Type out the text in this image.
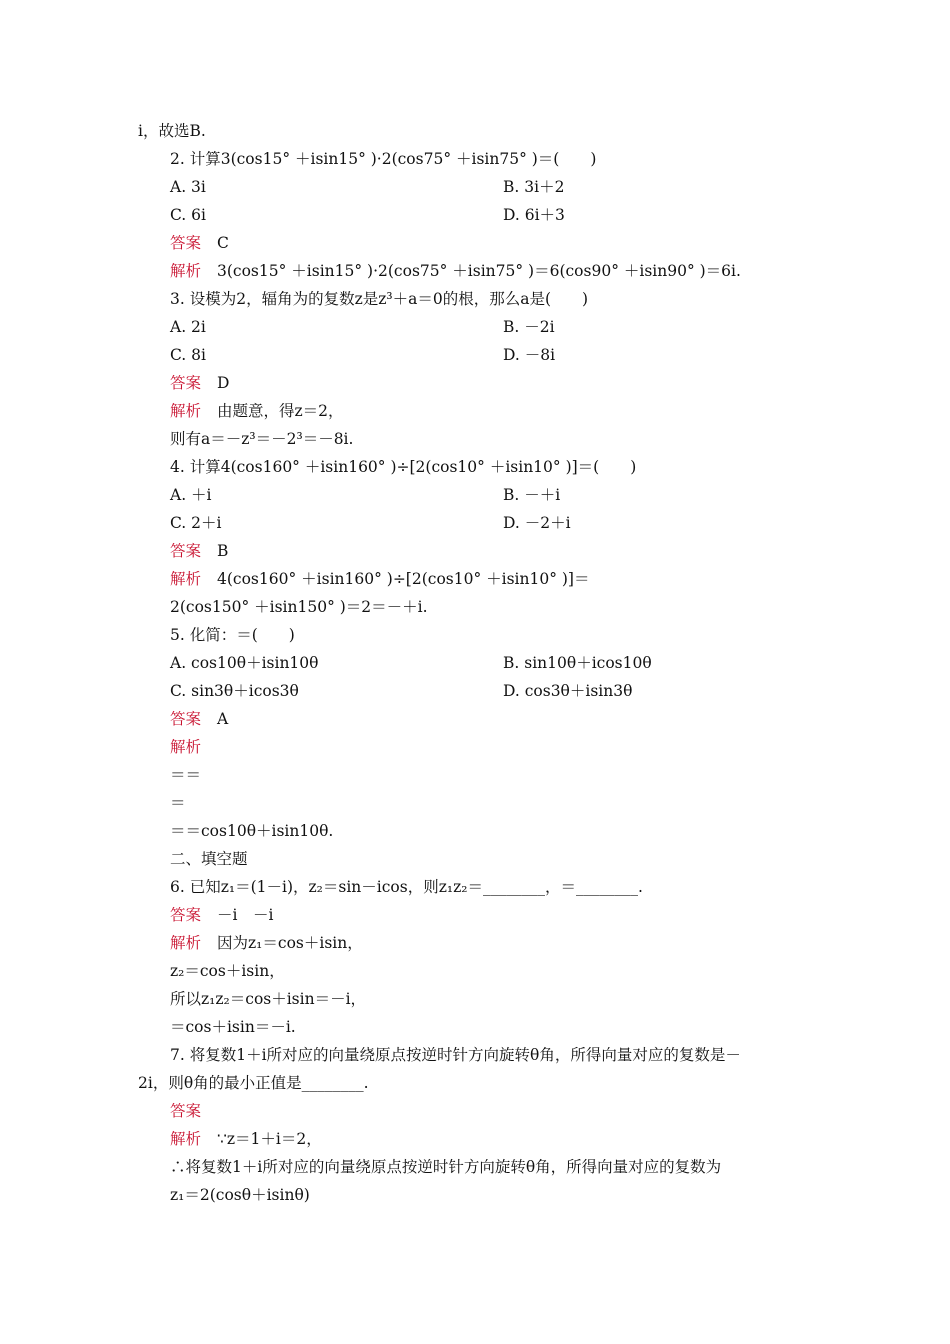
i，故选B.
2. 计算3(cos15° ＋isin15° )·2(cos75° ＋isin75° )＝(　　)
A. 3i	B. 3i＋2
C. 6i	D. 6i＋3
答案 C
解析 3(cos15° ＋isin15° )·2(cos75° ＋isin75° )＝6(cos90° ＋isin90° )＝6i.
3. 设模为2，辐角为的复数z是z³＋a＝0的根，那么a是(　　)
A. 2i	B. －2i
C. 8i	D. －8i
答案 D
解析 由题意，得z＝2，
则有a＝－z³＝－2³＝－8i.
4. 计算4(cos160° ＋isin160° )÷[2(cos10° ＋isin10° )]＝(　　)
A. ＋i	B. －＋i
C. 2＋i	D. －2＋i
答案 B
解析 4(cos160° ＋isin160° )÷[2(cos10° ＋isin10° )]＝
2(cos150° ＋isin150° )＝2＝－＋i.
5. 化简：＝(　　)
A. cos10θ＋isin10θ	B. sin10θ＋icos10θ
C. sin3θ＋icos3θ	D. cos3θ＋isin3θ
答案 A
解析
＝＝
＝
＝＝cos10θ＋isin10θ.
二、填空题
6. 已知z₁＝(1－i)，z₂＝sin－icos，则z₁z₂＝________，＝________.
答案 －i　－i
解析 因为z₁＝cos＋isin，
z₂＝cos＋isin，
所以z₁z₂＝cos＋isin＝－i，
＝cos＋isin＝－i.
7. 将复数1＋i所对应的向量绕原点按逆时针方向旋转θ角，所得向量对应的复数是－
2i，则θ角的最小正值是________.
答案
解析 ∵z＝1＋i＝2，
∴将复数1＋i所对应的向量绕原点按逆时针方向旋转θ角，所得向量对应的复数为
z₁＝2(cosθ＋isinθ)
